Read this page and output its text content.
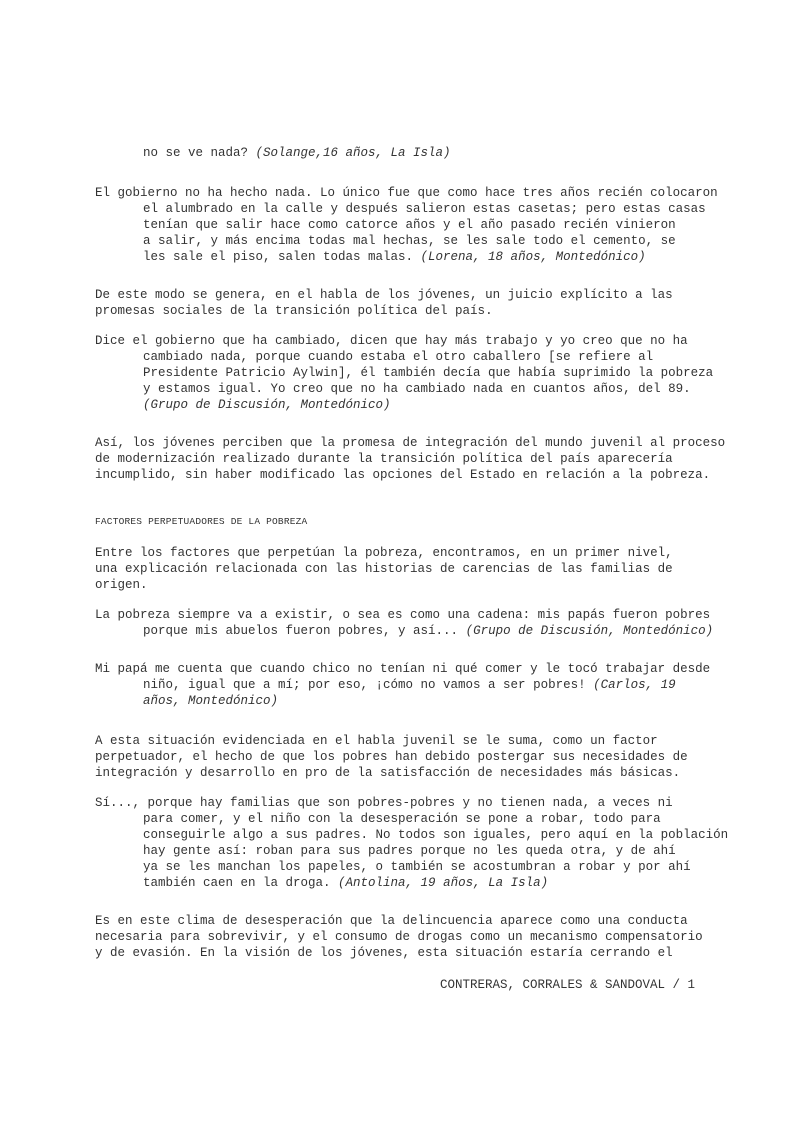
no se ve nada? (Solange,16 años, La Isla)

El gobierno no ha hecho nada. Lo único fue que como hace tres años recién colocaron
el alumbrado en la calle y después salieron estas casetas; pero estas casas
tenían que salir hace como catorce años y el año pasado recién vinieron
a salir, y más encima todas mal hechas, se les sale todo el cemento, se
les sale el piso, salen todas malas. (Lorena, 18 años, Montedónico)

De este modo se genera, en el habla de los jóvenes, un juicio explícito a las
promesas sociales de la transición política del país.

Dice el gobierno que ha cambiado, dicen que hay más trabajo y yo creo que no ha
cambiado nada, porque cuando estaba el otro caballero [se refiere al
Presidente Patricio Aylwin], él también decía que había suprimido la pobreza
y estamos igual. Yo creo que no ha cambiado nada en cuantos años, del 89.
(Grupo de Discusión, Montedónico)

Así, los jóvenes perciben que la promesa de integración del mundo juvenil al proceso
de modernización realizado durante la transición política del país aparecería
incumplido, sin haber modificado las opciones del Estado en relación a la pobreza.

FACTORES PERPETUADORES DE LA POBREZA

Entre los factores que perpetúan la pobreza, encontramos, en un primer nivel,
una explicación relacionada con las historias de carencias de las familias de
origen.

La pobreza siempre va a existir, o sea es como una cadena: mis papás fueron pobres
porque mis abuelos fueron pobres, y así... (Grupo de Discusión, Montedónico)

Mi papá me cuenta que cuando chico no tenían ni qué comer y le tocó trabajar desde
niño, igual que a mí; por eso, ¡cómo no vamos a ser pobres! (Carlos, 19
años, Montedónico)

A esta situación evidenciada en el habla juvenil se le suma, como un factor
perpetuador, el hecho de que los pobres han debido postergar sus necesidades de
integración y desarrollo en pro de la satisfacción de necesidades más básicas.

Sí..., porque hay familias que son pobres-pobres y no tienen nada, a veces ni
para comer, y el niño con la desesperación se pone a robar, todo para
conseguirle algo a sus padres. No todos son iguales, pero aquí en la población
hay gente así: roban para sus padres porque no les queda otra, y de ahí
ya se les manchan los papeles, o también se acostumbran a robar y por ahí
también caen en la droga. (Antolina, 19 años, La Isla)

Es en este clima de desesperación que la delincuencia aparece como una conducta
necesaria para sobrevivir, y el consumo de drogas como un mecanismo compensatorio
y de evasión. En la visión de los jóvenes, esta situación estaría cerrando el

CONTRERAS, CORRALES & SANDOVAL / 1
